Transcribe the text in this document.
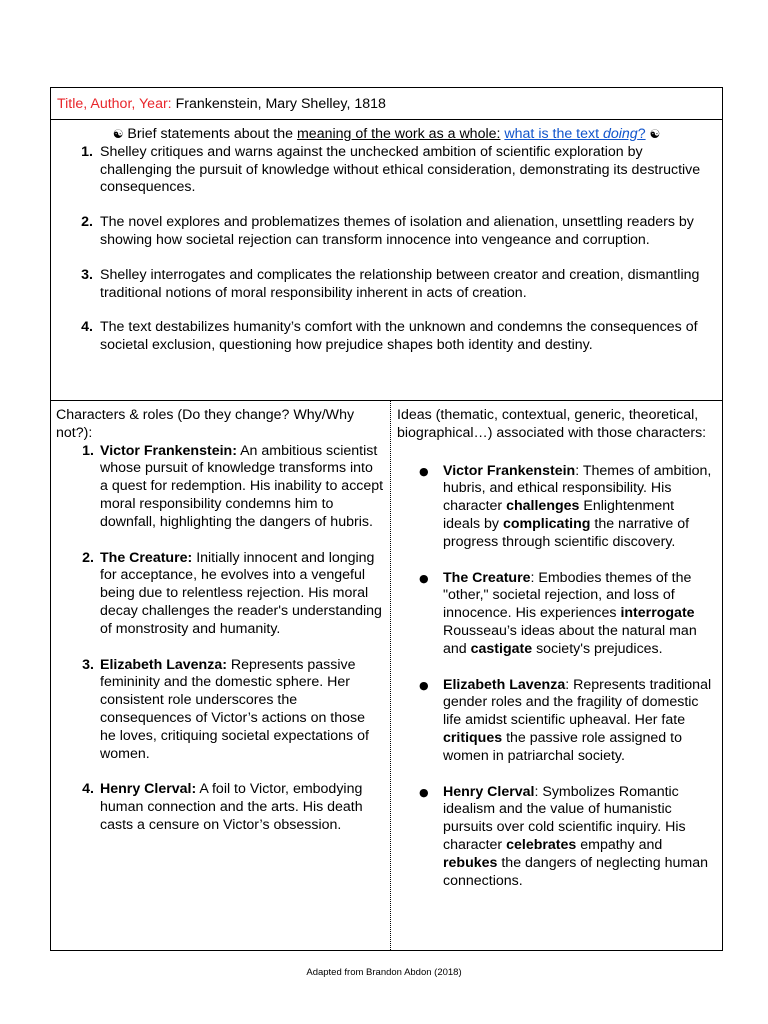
Title, Author, Year: Frankenstein, Mary Shelley, 1818
☯ Brief statements about the meaning of the work as a whole: what is the text doing? ☯
1. Shelley critiques and warns against the unchecked ambition of scientific exploration by challenging the pursuit of knowledge without ethical consideration, demonstrating its destructive consequences.
2. The novel explores and problematizes themes of isolation and alienation, unsettling readers by showing how societal rejection can transform innocence into vengeance and corruption.
3. Shelley interrogates and complicates the relationship between creator and creation, dismantling traditional notions of moral responsibility inherent in acts of creation.
4. The text destabilizes humanity’s comfort with the unknown and condemns the consequences of societal exclusion, questioning how prejudice shapes both identity and destiny.
Characters & roles (Do they change? Why/Why not?):
1. Victor Frankenstein: An ambitious scientist whose pursuit of knowledge transforms into a quest for redemption. His inability to accept moral responsibility condemns him to downfall, highlighting the dangers of hubris.
2. The Creature: Initially innocent and longing for acceptance, he evolves into a vengeful being due to relentless rejection. His moral decay challenges the reader's understanding of monstrosity and humanity.
3. Elizabeth Lavenza: Represents passive femininity and the domestic sphere. Her consistent role underscores the consequences of Victor’s actions on those he loves, critiquing societal expectations of women.
4. Henry Clerval: A foil to Victor, embodying human connection and the arts. His death casts a censure on Victor’s obsession.
Ideas (thematic, contextual, generic, theoretical, biographical…) associated with those characters:
● Victor Frankenstein: Themes of ambition, hubris, and ethical responsibility. His character challenges Enlightenment ideals by complicating the narrative of progress through scientific discovery.
● The Creature: Embodies themes of the "other," societal rejection, and loss of innocence. His experiences interrogate Rousseau’s ideas about the natural man and castigate society's prejudices.
● Elizabeth Lavenza: Represents traditional gender roles and the fragility of domestic life amidst scientific upheaval. Her fate critiques the passive role assigned to women in patriarchal society.
● Henry Clerval: Symbolizes Romantic idealism and the value of humanistic pursuits over cold scientific inquiry. His character celebrates empathy and rebukes the dangers of neglecting human connections.
Adapted from Brandon Abdon (2018)
